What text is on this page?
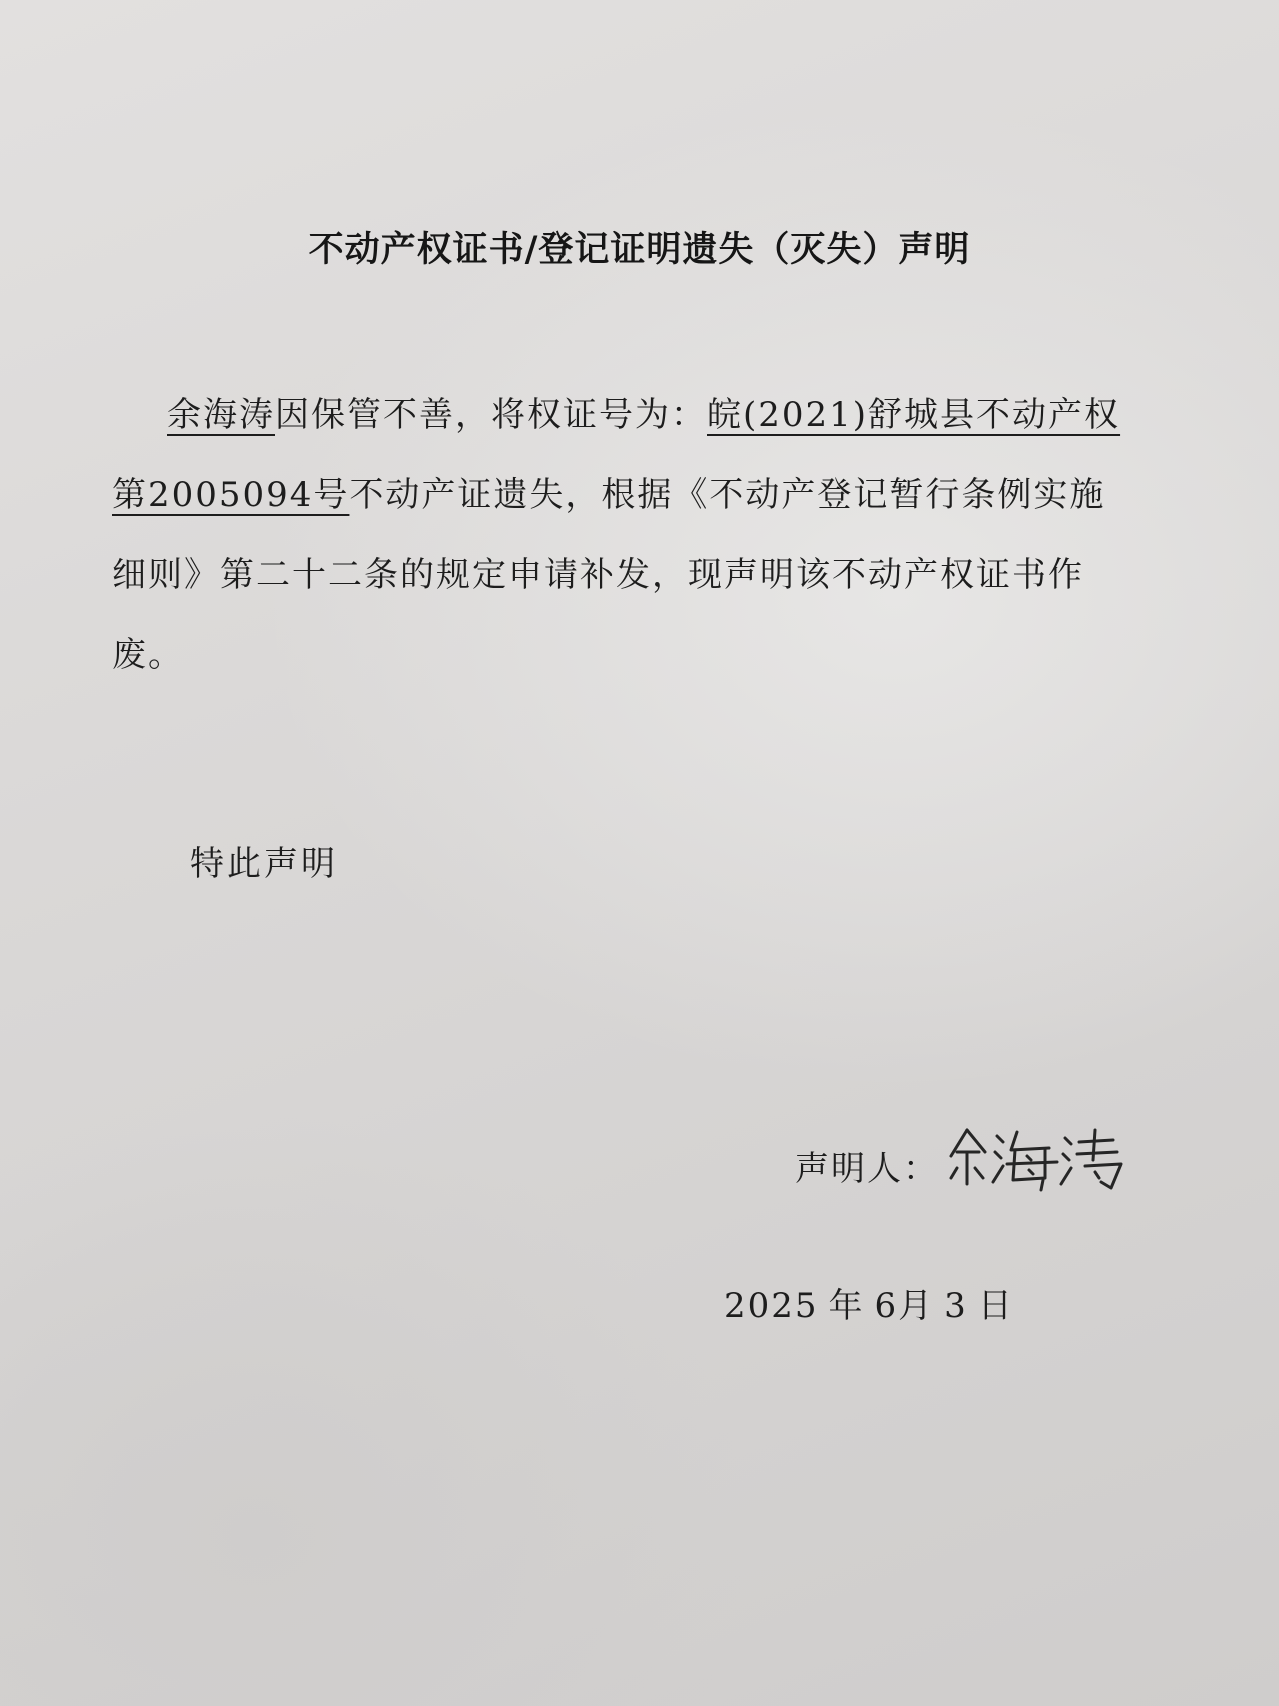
不动产权证书/登记证明遗失（灭失）声明
余海涛因保管不善，将权证号为：皖(2021)舒城县不动产权第2005094号不动产证遗失，根据《不动产登记暂行条例实施细则》第二十二条的规定申请补发，现声明该不动产权证书作废。
特此声明
声明人：
2025 年 6月 3 日
